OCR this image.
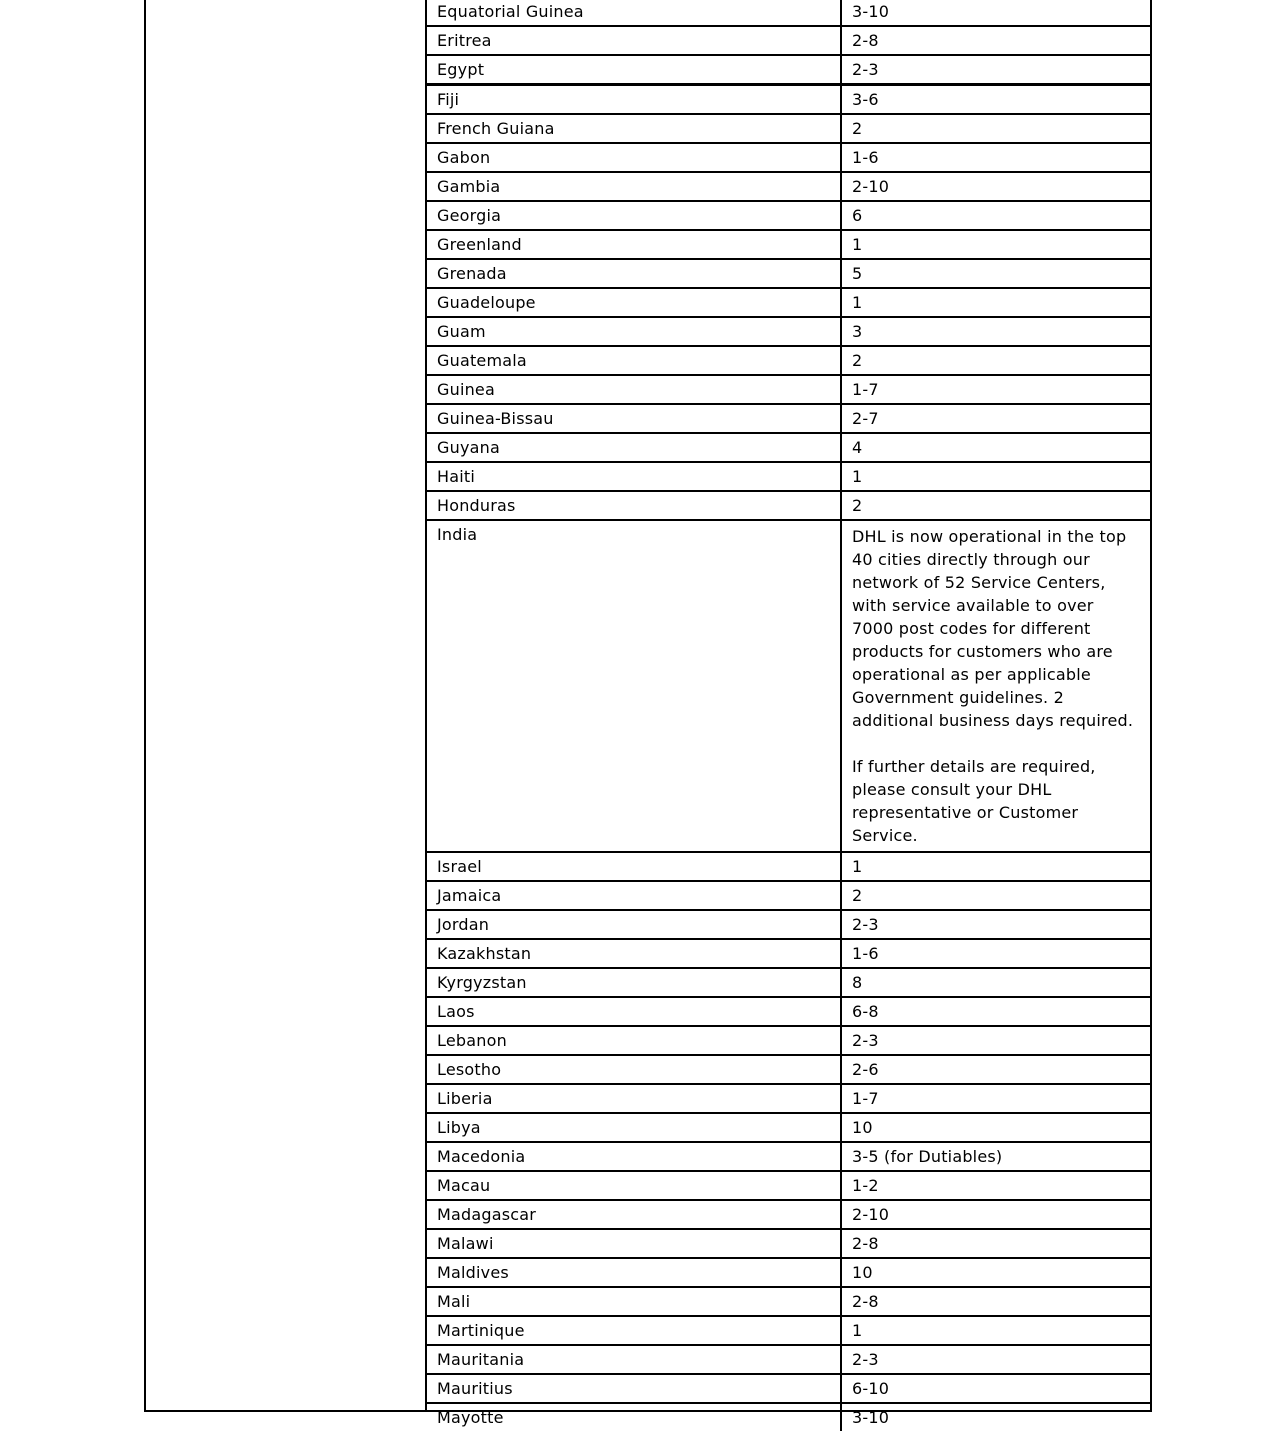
Equatorial Guinea	3-10
Eritrea	2-8
Egypt	2-3
Fiji	3-6
French Guiana	2
Gabon	1-6
Gambia	2-10
Georgia	6
Greenland	1
Grenada	5
Guadeloupe	1
Guam	3
Guatemala	2
Guinea	1-7
Guinea-Bissau	2-7
Guyana	4
Haiti	1
Honduras	2
India	DHL is now operational in the top 40 cities directly through our network of 52 Service Centers, with service available to over 7000 post codes for different products for customers who are operational as per applicable Government guidelines. 2 additional business days required.

If further details are required, please consult your DHL representative or Customer Service.
Israel	1
Jamaica	2
Jordan	2-3
Kazakhstan	1-6
Kyrgyzstan	8
Laos	6-8
Lebanon	2-3
Lesotho	2-6
Liberia	1-7
Libya	10
Macedonia	3-5 (for Dutiables)
Macau	1-2
Madagascar	2-10
Malawi	2-8
Maldives	10
Mali	2-8
Martinique	1
Mauritania	2-3
Mauritius	6-10
Mayotte	3-10
